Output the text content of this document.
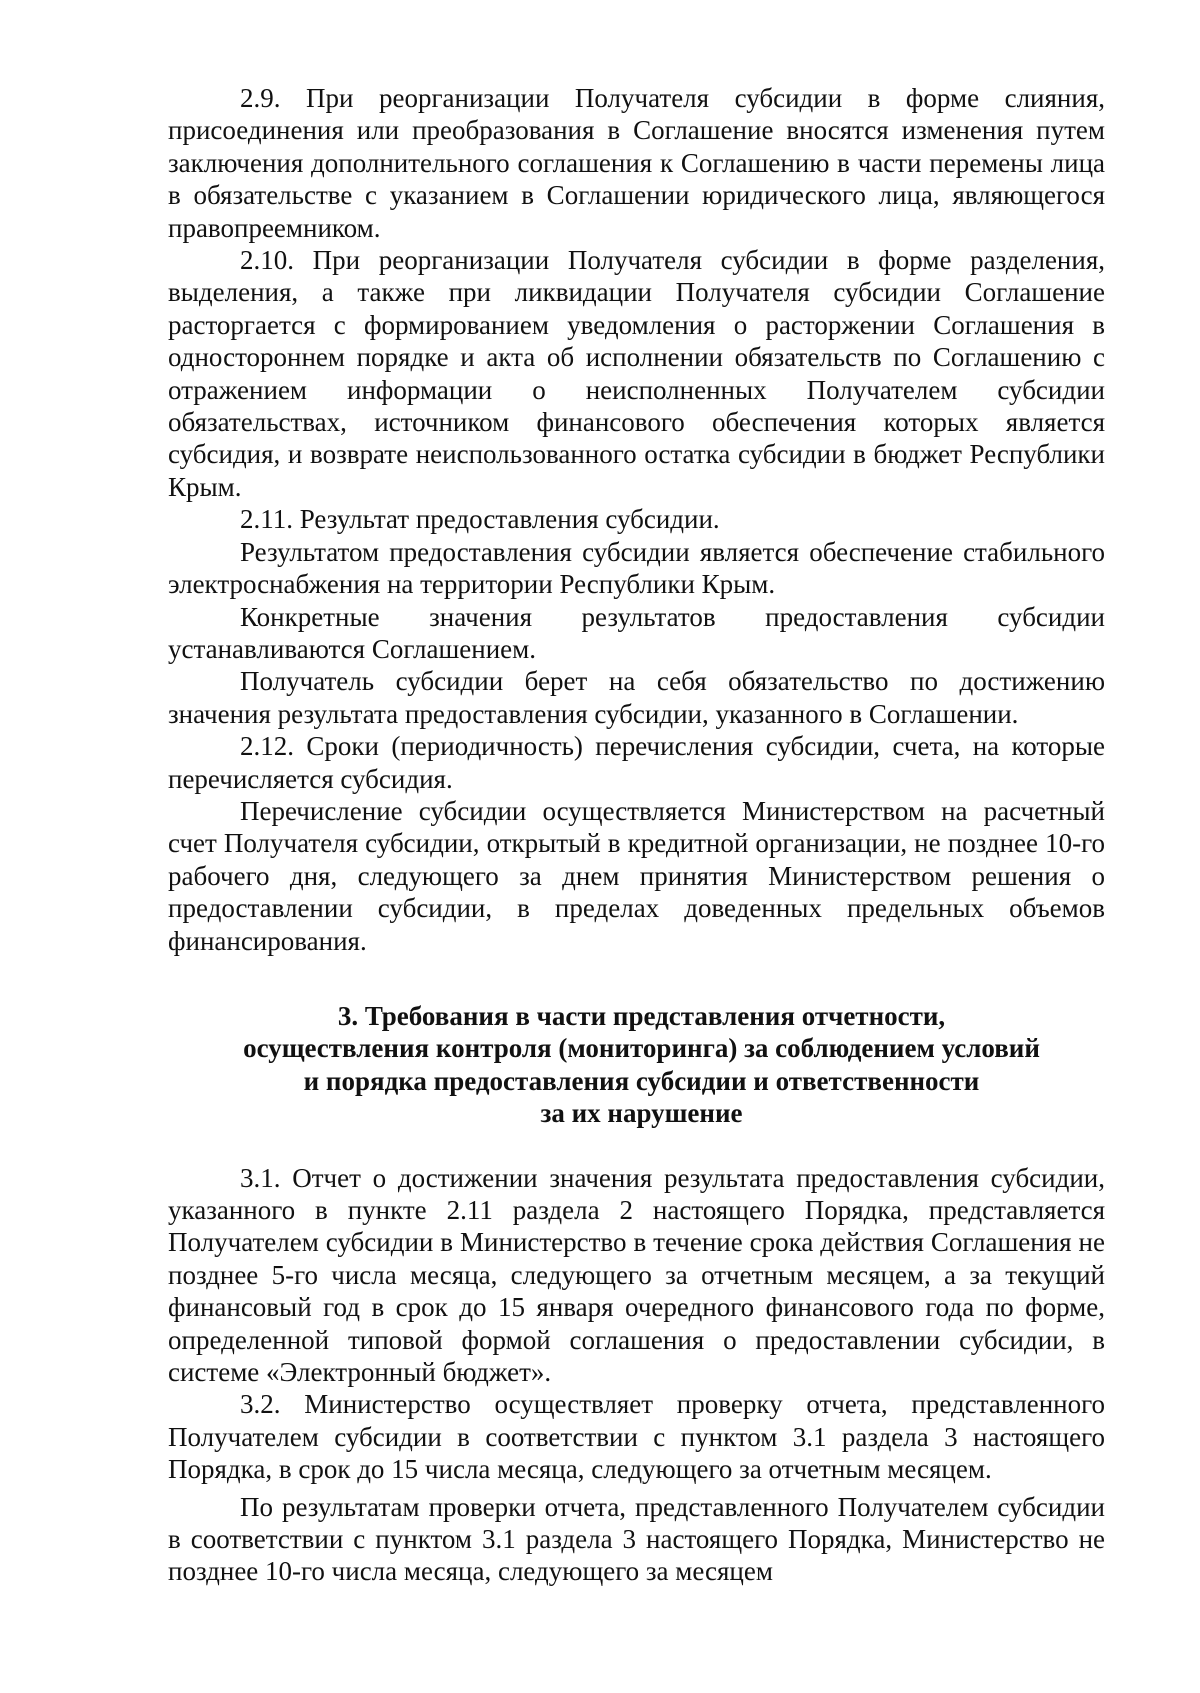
2.9. При реорганизации Получателя субсидии в форме слияния, присоединения или преобразования в Соглашение вносятся изменения путем заключения дополнительного соглашения к Соглашению в части перемены лица в обязательстве с указанием в Соглашении юридического лица, являющегося правопреемником.

2.10. При реорганизации Получателя субсидии в форме разделения, выделения, а также при ликвидации Получателя субсидии Соглашение расторгается с формированием уведомления о расторжении Соглашения в одностороннем порядке и акта об исполнении обязательств по Соглашению с отражением информации о неисполненных Получателем субсидии обязательствах, источником финансового обеспечения которых является субсидия, и возврате неиспользованного остатка субсидии в бюджет Республики Крым.

2.11. Результат предоставления субсидии.

Результатом предоставления субсидии является обеспечение стабильного электроснабжения на территории Республики Крым.

Конкретные значения результатов предоставления субсидии устанавливаются Соглашением.

Получатель субсидии берет на себя обязательство по достижению значения результата предоставления субсидии, указанного в Соглашении.

2.12. Сроки (периодичность) перечисления субсидии, счета, на которые перечисляется субсидия.

Перечисление субсидии осуществляется Министерством на расчетный счет Получателя субсидии, открытый в кредитной организации, не позднее 10-го рабочего дня, следующего за днем принятия Министерством решения о предоставлении субсидии, в пределах доведенных предельных объемов финансирования.

3. Требования в части представления отчетности,
осуществления контроля (мониторинга) за соблюдением условий
и порядка предоставления субсидии и ответственности
за их нарушение

3.1. Отчет о достижении значения результата предоставления субсидии, указанного в пункте 2.11 раздела 2 настоящего Порядка, представляется Получателем субсидии в Министерство в течение срока действия Соглашения не позднее 5-го числа месяца, следующего за отчетным месяцем, а за текущий финансовый год в срок до 15 января очередного финансового года по форме, определенной типовой формой соглашения о предоставлении субсидии, в системе «Электронный бюджет».

3.2. Министерство осуществляет проверку отчета, представленного Получателем субсидии в соответствии с пунктом 3.1 раздела 3 настоящего Порядка, в срок до 15 числа месяца, следующего за отчетным месяцем.

По результатам проверки отчета, представленного Получателем субсидии в соответствии с пунктом 3.1 раздела 3 настоящего Порядка, Министерство не позднее 10-го числа месяца, следующего за месяцем
